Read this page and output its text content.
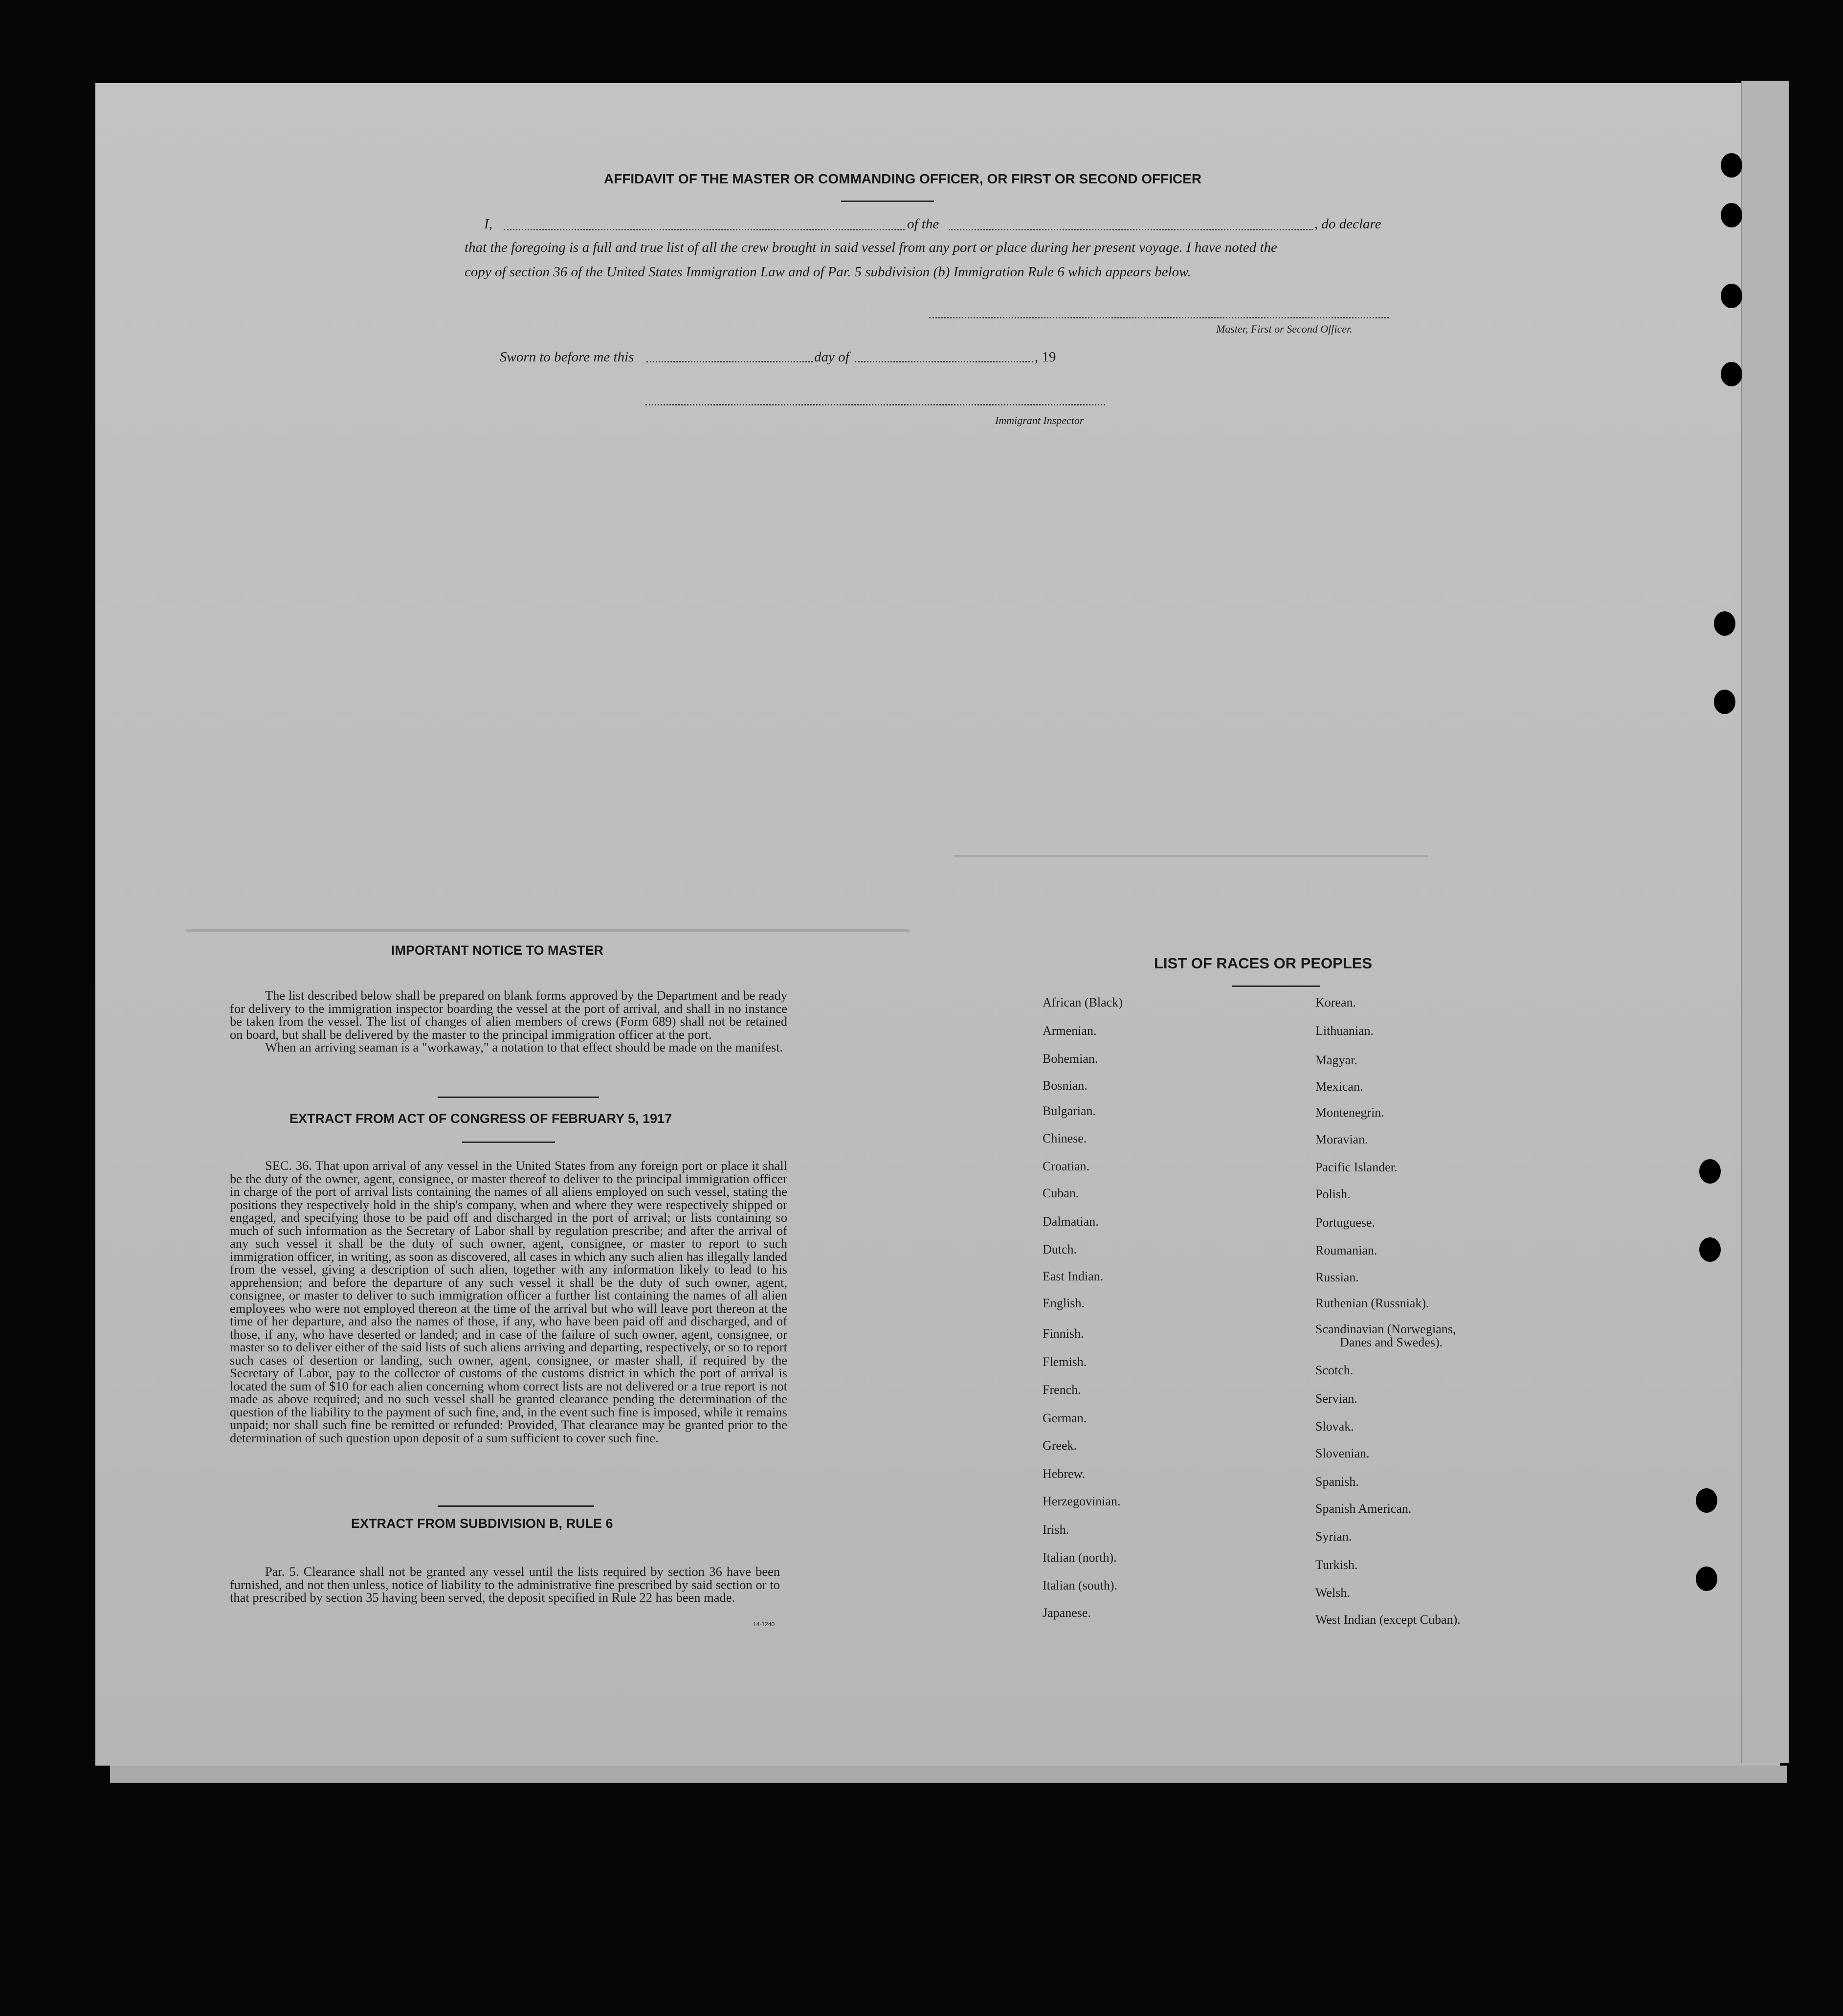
AFFIDAVIT OF THE MASTER OR COMMANDING OFFICER, OR FIRST OR SECOND OFFICER
I,	of the	, do declare
that the foregoing is a full and true list of all the crew brought in said vessel from any port or place during her present voyage. I have noted the
copy of section 36 of the United States Immigration Law and of Par. 5 subdivision (b) Immigration Rule 6 which appears below.
Master, First or Second Officer.
Sworn to before me this	day of	, 19
Immigrant Inspector
IMPORTANT NOTICE TO MASTER

The list described below shall be prepared on blank forms approved by the Department and be ready for delivery to the immigration inspector boarding the vessel at the port of arrival, and shall in no instance be taken from the vessel. The list of changes of alien members of crews (Form 689) shall not be retained on board, but shall be delivered by the master to the principal immigration officer at the port.

When an arriving seaman is a "workaway," a notation to that effect should be made on the manifest.

EXTRACT FROM ACT OF CONGRESS OF FEBRUARY 5, 1917

SEC. 36. That upon arrival of any vessel in the United States from any foreign port or place it shall be the duty of the owner, agent, consignee, or master thereof to deliver to the principal immigration officer in charge of the port of arrival lists containing the names of all aliens employed on such vessel, stating the positions they respectively hold in the ship's company, when and where they were respectively shipped or engaged, and specifying those to be paid off and discharged in the port of arrival; or lists containing so much of such information as the Secretary of Labor shall by regulation prescribe; and after the arrival of any such vessel it shall be the duty of such owner, agent, consignee, or master to report to such immigration officer, in writing, as soon as discovered, all cases in which any such alien has illegally landed from the vessel, giving a description of such alien, together with any information likely to lead to his apprehension; and before the departure of any such vessel it shall be the duty of such owner, agent, consignee, or master to deliver to such immigration officer a further list containing the names of all alien employees who were not employed thereon at the time of the arrival but who will leave port thereon at the time of her departure, and also the names of those, if any, who have been paid off and discharged, and of those, if any, who have deserted or landed; and in case of the failure of such owner, agent, consignee, or master so to deliver either of the said lists of such aliens arriving and departing, respectively, or so to report such cases of desertion or landing, such owner, agent, consignee, or master shall, if required by the Secretary of Labor, pay to the collector of customs of the customs district in which the port of arrival is located the sum of $10 for each alien concerning whom correct lists are not delivered or a true report is not made as above required; and no such vessel shall be granted clearance pending the determination of the question of the liability to the payment of such fine, and, in the event such fine is imposed, while it remains unpaid; nor shall such fine be remitted or refunded: Provided, That clearance may be granted prior to the determination of such question upon deposit of a sum sufficient to cover such fine.

EXTRACT FROM SUBDIVISION B, RULE 6

Par. 5. Clearance shall not be granted any vessel until the lists required by section 36 have been furnished, and not then unless, notice of liability to the administrative fine prescribed by said section or to that prescribed by section 35 having been served, the deposit specified in Rule 22 has been made.

14-1240
LIST OF RACES OR PEOPLES
African (Black)
Armenian.
Bohemian.
Bosnian.
Bulgarian.
Chinese.
Croatian.
Cuban.
Dalmatian.
Dutch.
East Indian.
English.
Finnish.
Flemish.
French.
German.
Greek.
Hebrew.
Herzegovinian.
Irish.
Italian (north).
Italian (south).
Japanese.
Korean.
Lithuanian.
Magyar.
Mexican.
Montenegrin.
Moravian.
Pacific Islander.
Polish.
Portuguese.
Roumanian.
Russian.
Ruthenian (Russniak).
Scandinavian (Norwegians,
Danes and Swedes).
Scotch.
Servian.
Slovak.
Slovenian.
Spanish.
Spanish American.
Syrian.
Turkish.
Welsh.
West Indian (except Cuban).
